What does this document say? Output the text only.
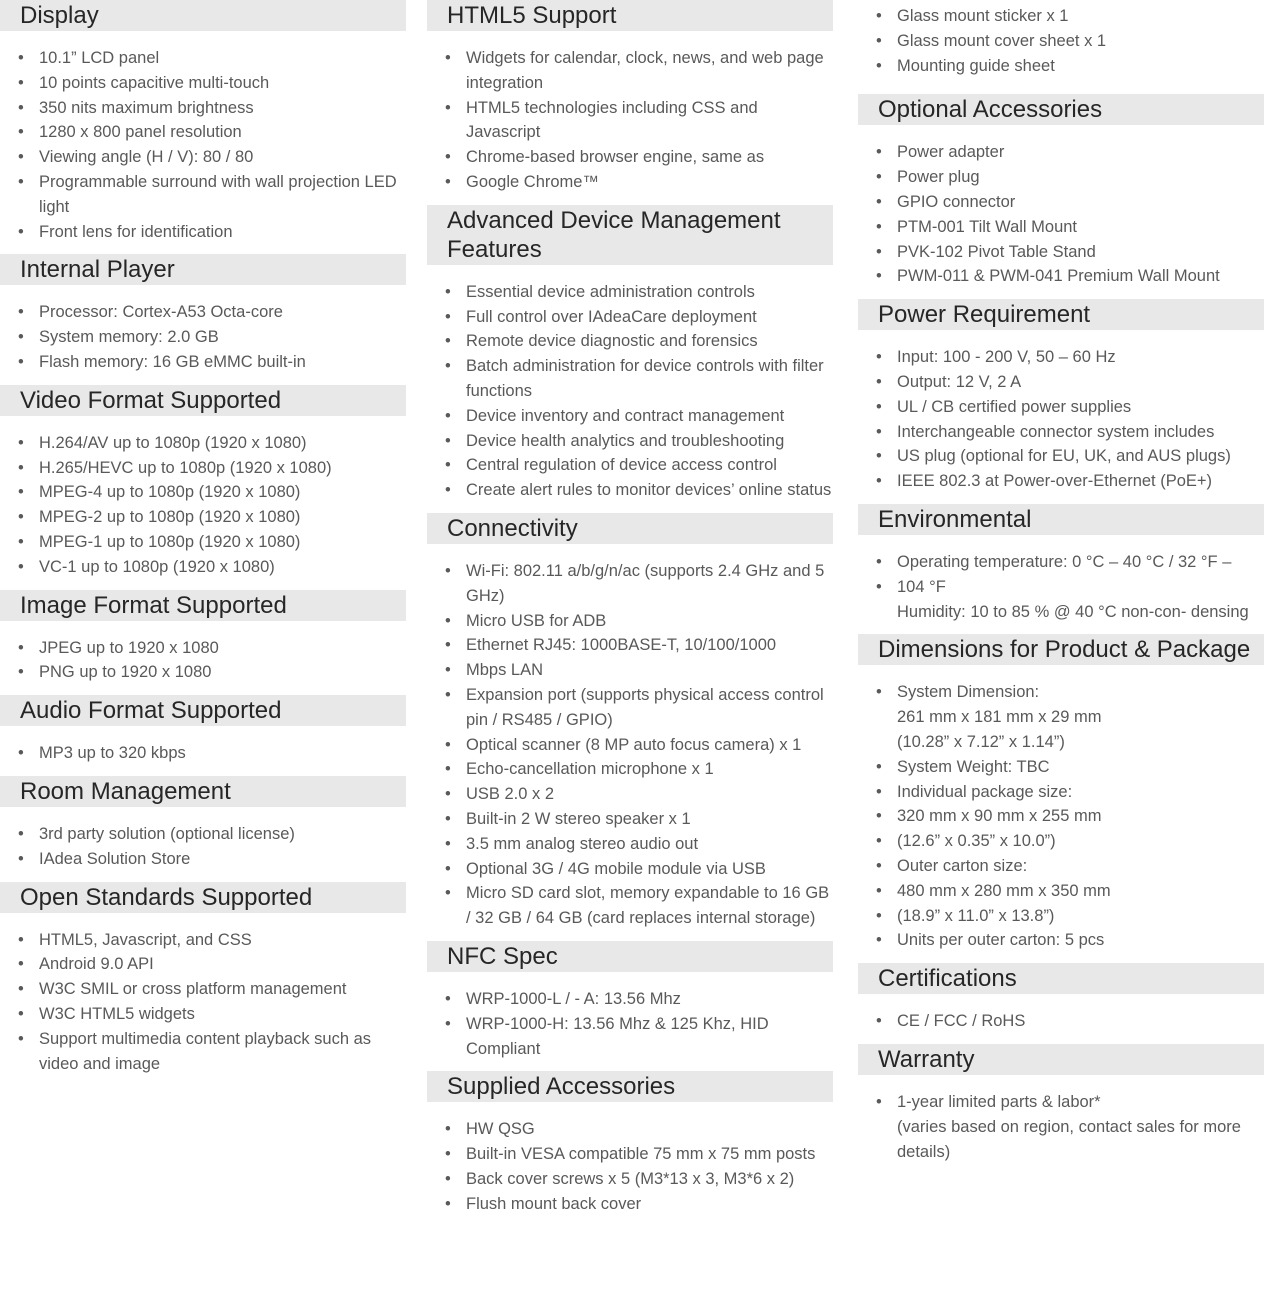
Display
• 10.1” LCD panel
• 10 points capacitive multi-touch
• 350 nits maximum brightness
• 1280 x 800 panel resolution
• Viewing angle (H / V): 80 / 80
• Programmable surround with wall projection LED light
• Front lens for identification
Internal Player
• Processor: Cortex-A53 Octa-core
• System memory: 2.0 GB
• Flash memory: 16 GB eMMC built-in
Video Format Supported
• H.264/AV up to 1080p (1920 x 1080)
• H.265/HEVC up to 1080p (1920 x 1080)
• MPEG-4 up to 1080p (1920 x 1080)
• MPEG-2 up to 1080p (1920 x 1080)
• MPEG-1 up to 1080p (1920 x 1080)
• VC-1 up to 1080p (1920 x 1080)
Image Format Supported
• JPEG up to 1920 x 1080
• PNG up to 1920 x 1080
Audio Format Supported
• MP3 up to 320 kbps
Room Management
• 3rd party solution (optional license)
• IAdea Solution Store
Open Standards Supported
• HTML5, Javascript, and CSS
• Android 9.0 API
• W3C SMIL or cross platform management
• W3C HTML5 widgets
• Support multimedia content playback such as video and image
HTML5 Support
• Widgets for calendar, clock, news, and web page integration
• HTML5 technologies including CSS and Javascript
• Chrome-based browser engine, same as
• Google Chrome™
Advanced Device Management Features
• Essential device administration controls
• Full control over IAdeaCare deployment
• Remote device diagnostic and forensics
• Batch administration for device controls with filter functions
• Device inventory and contract management
• Device health analytics and troubleshooting
• Central regulation of device access control
• Create alert rules to monitor devices’ online status
Connectivity
• Wi-Fi: 802.11 a/b/g/n/ac (supports 2.4 GHz and 5 GHz)
• Micro USB for ADB
• Ethernet RJ45: 1000BASE-T, 10/100/1000
• Mbps LAN
• Expansion port (supports physical access control pin / RS485 / GPIO)
• Optical scanner (8 MP auto focus camera) x 1
• Echo-cancellation microphone x 1
• USB 2.0 x 2
• Built-in 2 W stereo speaker x 1
• 3.5 mm analog stereo audio out
• Optional 3G / 4G mobile module via USB
• Micro SD card slot, memory expandable to 16 GB / 32 GB / 64 GB (card replaces internal storage)
NFC Spec
• WRP-1000-L / - A: 13.56 Mhz
• WRP-1000-H: 13.56 Mhz & 125 Khz, HID Compliant
Supplied Accessories
• HW QSG
• Built-in VESA compatible 75 mm x 75 mm posts
• Back cover screws x 5 (M3*13 x 3, M3*6 x 2)
• Flush mount back cover
• Glass mount sticker x 1
• Glass mount cover sheet x 1
• Mounting guide sheet
Optional Accessories
• Power adapter
• Power plug
• GPIO connector
• PTM-001 Tilt Wall Mount
• PVK-102 Pivot Table Stand
• PWM-011 & PWM-041 Premium Wall Mount
Power Requirement
• Input: 100 - 200 V, 50 – 60 Hz
• Output: 12 V, 2 A
• UL / CB certified power supplies
• Interchangeable connector system includes
• US plug (optional for EU, UK, and AUS plugs)
• IEEE 802.3 at Power-over-Ethernet (PoE+)
Environmental
• Operating temperature: 0 °C – 40 °C / 32 °F –
• 104 °F
Humidity: 10 to 85 % @ 40 °C non-con- densing
Dimensions for Product & Package
• System Dimension:
261 mm x 181 mm x 29 mm
(10.28” x 7.12” x 1.14”)
• System Weight: TBC
• Individual package size:
• 320 mm x 90 mm x 255 mm
• (12.6” x 0.35” x 10.0”)
• Outer carton size:
• 480 mm x 280 mm x 350 mm
• (18.9” x 11.0” x 13.8”)
• Units per outer carton: 5 pcs
Certifications
• CE / FCC / RoHS
Warranty
• 1-year limited parts & labor*
(varies based on region, contact sales for more details)
